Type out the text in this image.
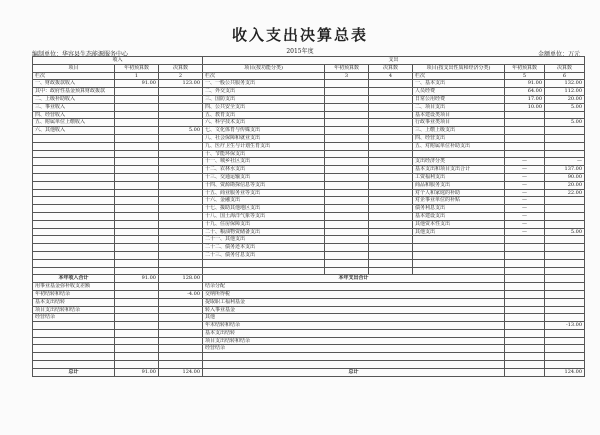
收入支出决算总表
编制单位：华容县生态能源服务中心	2015年度	金额单位：万元
收入			支出					
项目	年初预算数	决算数	项目(按功能分类)	年初预算数	决算数	项目(按支出性质和经济分类)	年初预算数	决算数
栏次	1	2	栏次	3	4	栏次	5	6
一、财政拨款收入	91.00	123.00	一、一般公共服务支出			一、基本支出	91.00	132.00
其中：政府性基金预算财政拨款			二、外交支出			人员经费	64.00	112.00
二、上级补助收入			三、国防支出			日常公用经费	17.00	20.00
三、事业收入			四、公共安全支出			二、项目支出	10.00	5.00
四、经营收入			五、教育支出			基本建设类项目		
五、附属单位上缴收入			六、科学技术支出			行政事业类项目		5.00
六、其他收入		5.00	七、文化体育与传媒支出			三、上缴上级支出		
			八、社会保障和就业支出			四、经营支出		
			九、医疗卫生与计划生育支出			五、对附属单位补助支出		
			十、节能环保支出					
			十一、城乡社区支出			支出经济分类	—	—
			十二、农林水支出			基本支出和项目支出合计	—	137.00
			十三、交通运输支出			工资福利支出	—	90.00
			十四、资源勘探信息等支出			商品和服务支出	—	20.00
			十五、商业服务业等支出			对个人和家庭的补助	—	22.00
			十六、金融支出			对企事业单位的补贴	—	
			十七、援助其他地区支出			债务利息支出	—	
			十八、国土海洋气象等支出			基本建设支出	—	
			十九、住房保障支出			其他资本性支出	—	
			二十、粮油物资储备支出			其他支出	—	5.00
			二十一、其他支出					
			二十二、债务还本支出					
			二十三、债务付息支出					

本年收入合计	91.00	128.00	本年支出合计					
用事业基金弥补收支差额			结余分配					
年初结转和结余		-4.00	交纳所得税					
基本支出结转			提取职工福利基金					
项目支出结转和结余			转入事业基金					
经营结余			其他					
			年末结转和结余					-13.00
			基本支出结转					
			项目支出结转和结余					
			经营结余					

总计	91.00	124.00	总计					124.00
